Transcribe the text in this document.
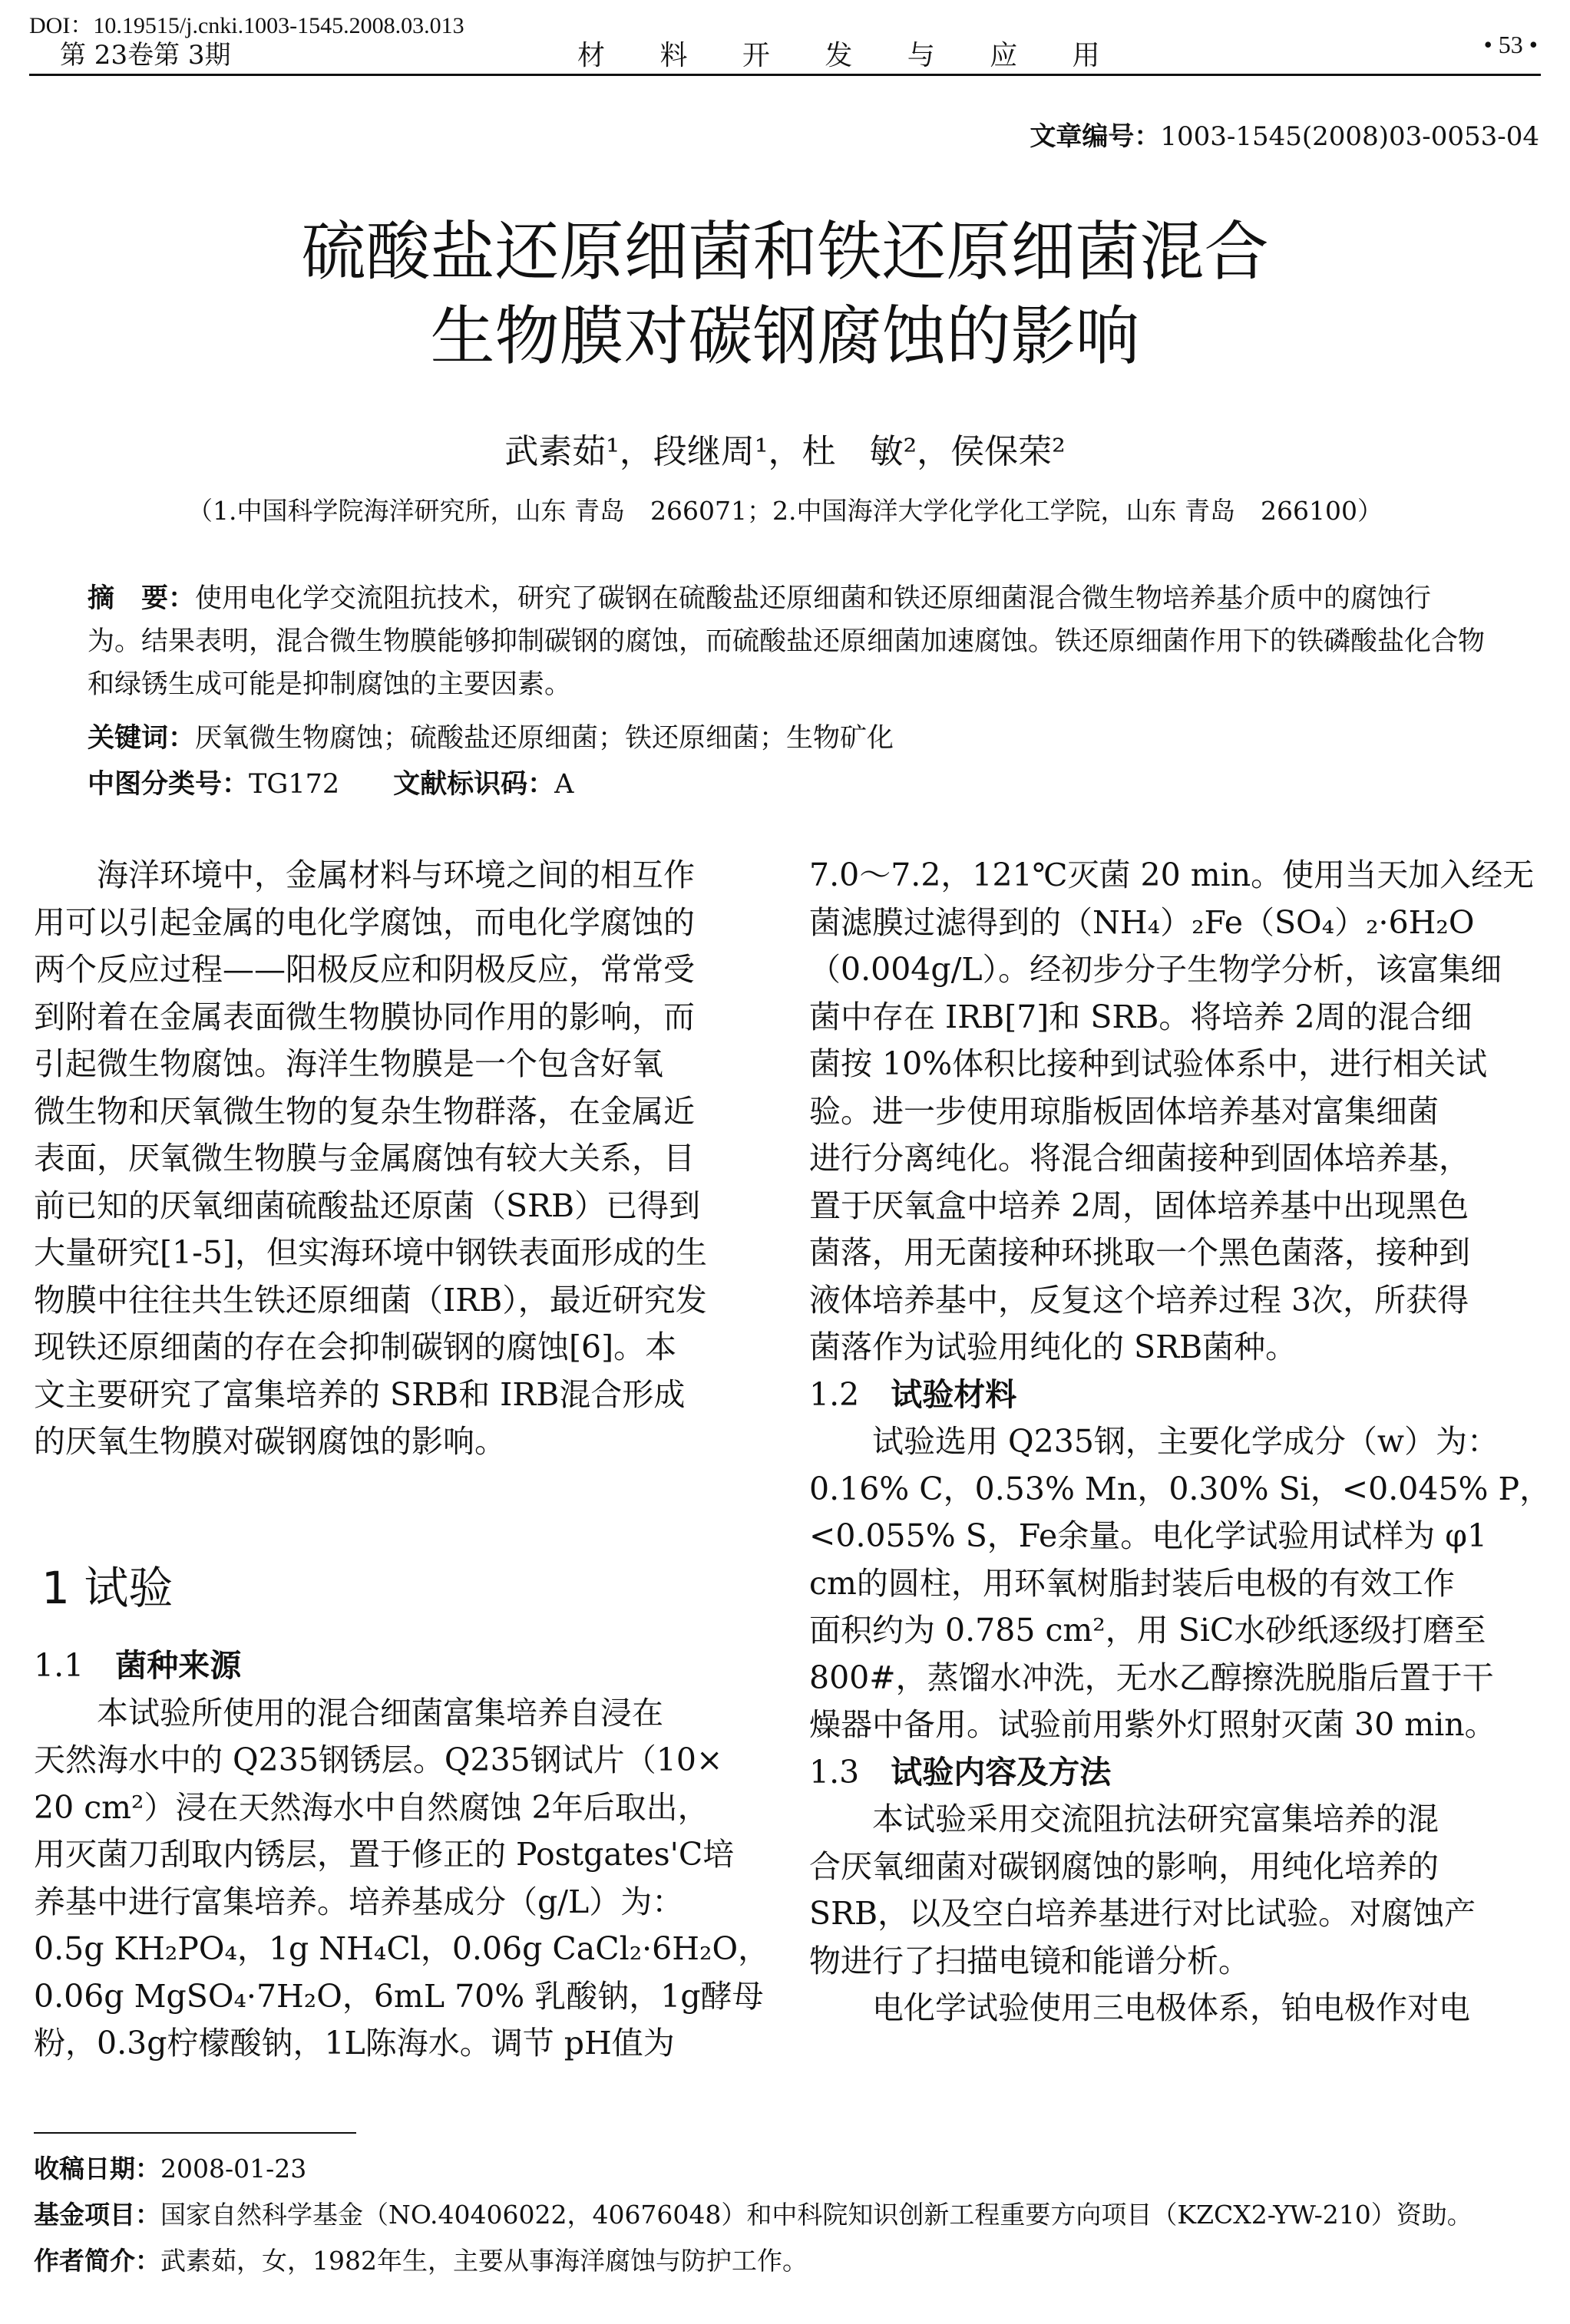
DOI：10.19515/j.cnki.1003-1545.2008.03.013
第 23卷第 3期	材 料 开 发 与 应 用	• 53 •
文章编号：1003-1545(2008)03-0053-04
硫酸盐还原细菌和铁还原细菌混合
生物膜对碳钢腐蚀的影响
武素茹¹，段继周¹，杜　敏²，侯保荣²
（1.中国科学院海洋研究所，山东 青岛　266071；2.中国海洋大学化学化工学院，山东 青岛　266100）
摘　要：使用电化学交流阻抗技术，研究了碳钢在硫酸盐还原细菌和铁还原细菌混合微生物培养基介质中的腐蚀行为。结果表明，混合微生物膜能够抑制碳钢的腐蚀，而硫酸盐还原细菌加速腐蚀。铁还原细菌作用下的铁磷酸盐化合物和绿锈生成可能是抑制腐蚀的主要因素。
关键词：厌氧微生物腐蚀；硫酸盐还原细菌；铁还原细菌；生物矿化
中图分类号：TG172 文献标识码：A

　　海洋环境中，金属材料与环境之间的相互作

用可以引起金属的电化学腐蚀，而电化学腐蚀的

两个反应过程——阳极反应和阴极反应，常常受

到附着在金属表面微生物膜协同作用的影响，而

引起微生物腐蚀。海洋生物膜是一个包含好氧

微生物和厌氧微生物的复杂生物群落，在金属近

表面，厌氧微生物膜与金属腐蚀有较大关系，目

前已知的厌氧细菌硫酸盐还原菌（SRB）已得到

大量研究[1-5]，但实海环境中钢铁表面形成的生

物膜中往往共生铁还原细菌（IRB），最近研究发

现铁还原细菌的存在会抑制碳钢的腐蚀[6]。本

文主要研究了富集培养的 SRB和 IRB混合形成

的厌氧生物膜对碳钢腐蚀的影响。

1 试验

1.1　 菌种来源

　　本试验所使用的混合细菌富集培养自浸在

天然海水中的 Q235钢锈层。Q235钢试片（10×

20 cm²）浸在天然海水中自然腐蚀 2年后取出，

用灭菌刀刮取内锈层，置于修正的 Postgates'C培

养基中进行富集培养。培养基成分（g/L）为：

0.5g KH₂PO₄，1g NH₄Cl，0.06g CaCl₂·6H₂O，

0.06g MgSO₄·7H₂O，6mL 70% 乳酸钠，1g酵母

粉，0.3g柠檬酸钠，1L陈海水。调节 pH值为

7.0～7.2，121℃灭菌 20 min。使用当天加入经无

菌滤膜过滤得到的（NH₄）₂Fe（SO₄）₂·6H₂O

（0.004g/L）。经初步分子生物学分析，该富集细

菌中存在 IRB[7]和 SRB。将培养 2周的混合细

菌按 10%体积比接种到试验体系中，进行相关试

验。进一步使用琼脂板固体培养基对富集细菌

进行分离纯化。将混合细菌接种到固体培养基，

置于厌氧盒中培养 2周，固体培养基中出现黑色

菌落，用无菌接种环挑取一个黑色菌落，接种到

液体培养基中，反复这个培养过程 3次，所获得

菌落作为试验用纯化的 SRB菌种。

1.2　 试验材料

　　试验选用 Q235钢，主要化学成分（w）为：

0.16% C，0.53% Mn，0.30% Si，<0.045% P，

<0.055% S，Fe余量。电化学试验用试样为 φ1

cm的圆柱，用环氧树脂封装后电极的有效工作

面积约为 0.785 cm²，用 SiC水砂纸逐级打磨至

800#，蒸馏水冲洗，无水乙醇擦洗脱脂后置于干

燥器中备用。试验前用紫外灯照射灭菌 30 min。

1.3　 试验内容及方法

　　本试验采用交流阻抗法研究富集培养的混

合厌氧细菌对碳钢腐蚀的影响，用纯化培养的

SRB，以及空白培养基进行对比试验。对腐蚀产

物进行了扫描电镜和能谱分析。

　　电化学试验使用三电极体系，铂电极作对电

收稿日期：2008-01-23
基金项目：国家自然科学基金（NO.40406022，40676048）和中科院知识创新工程重要方向项目（KZCX2-YW-210）资助。
作者简介：武素茹，女，1982年生，主要从事海洋腐蚀与防护工作。
